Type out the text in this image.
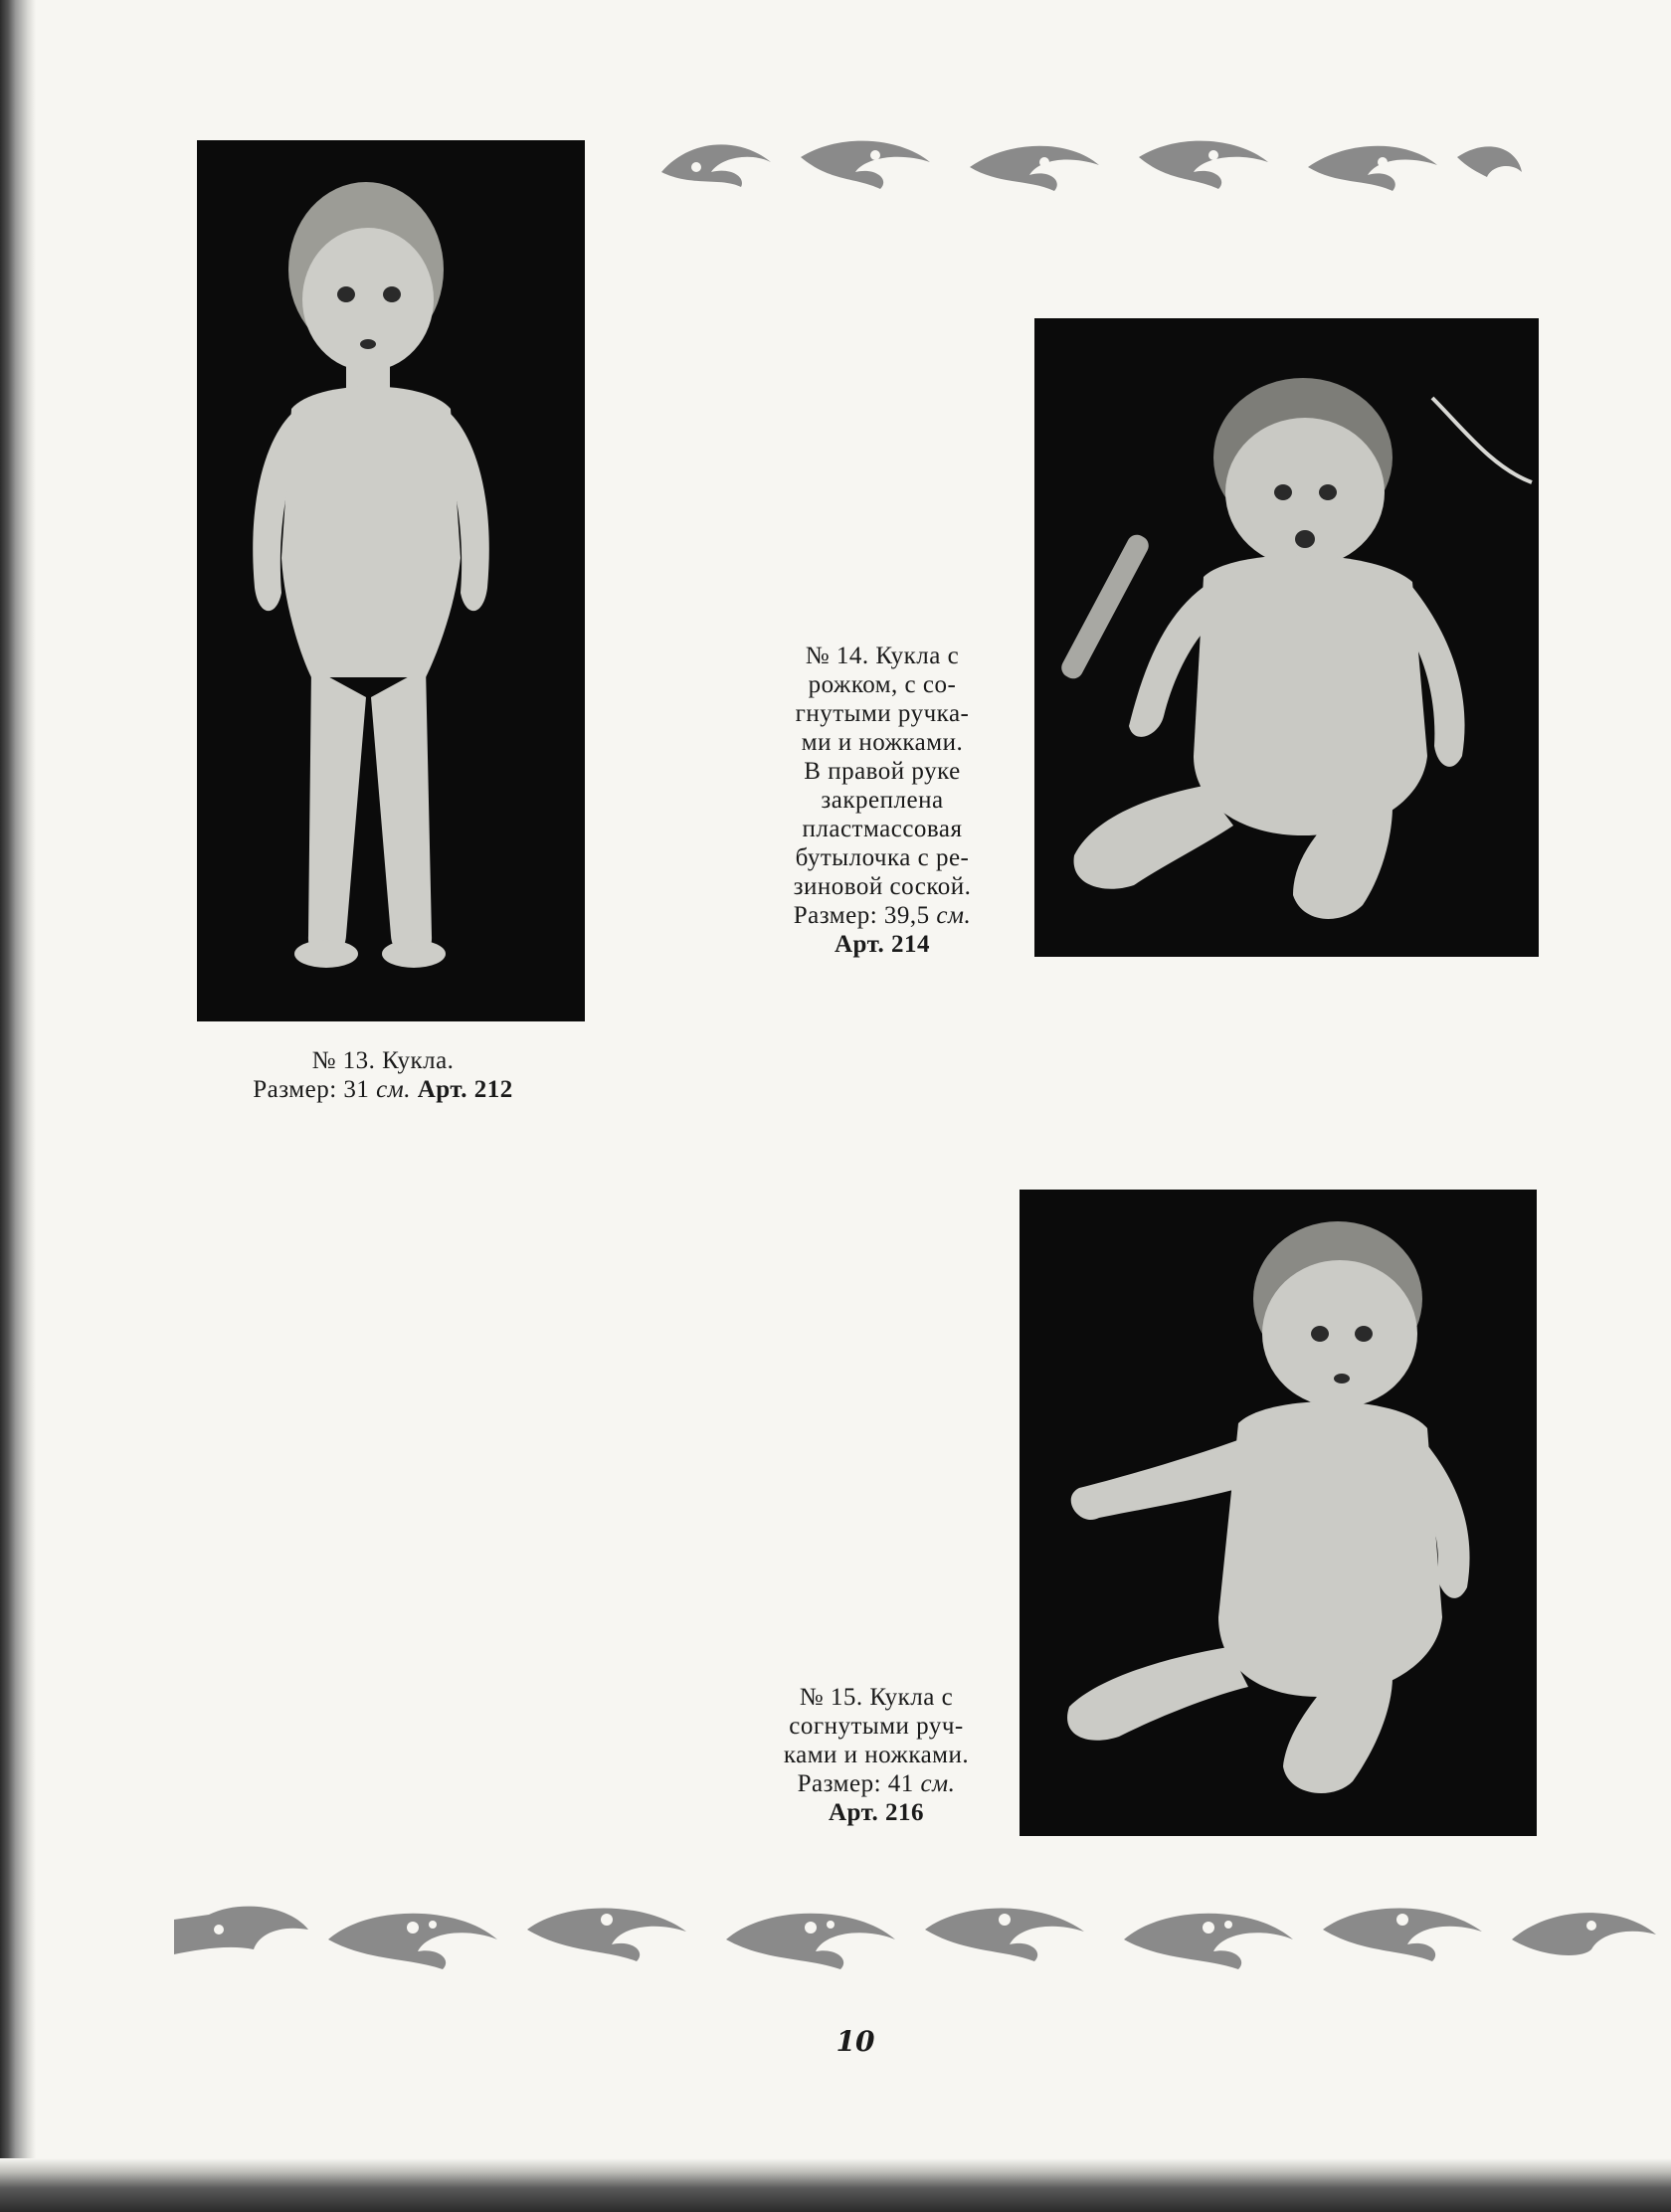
№ 13. Кукла.
Размер: 31 см. Арт. 212
№ 14. Кукла с
рожком, с со-
гнутыми ручка-
ми и ножками.
В правой руке
закреплена
пластмассовая
бутылочка с ре-
зиновой соской.
Размер: 39,5 см.
Арт. 214
№ 15. Кукла с
согнутыми руч-
ками и ножками.
Размер: 41 см.
Арт. 216
10
